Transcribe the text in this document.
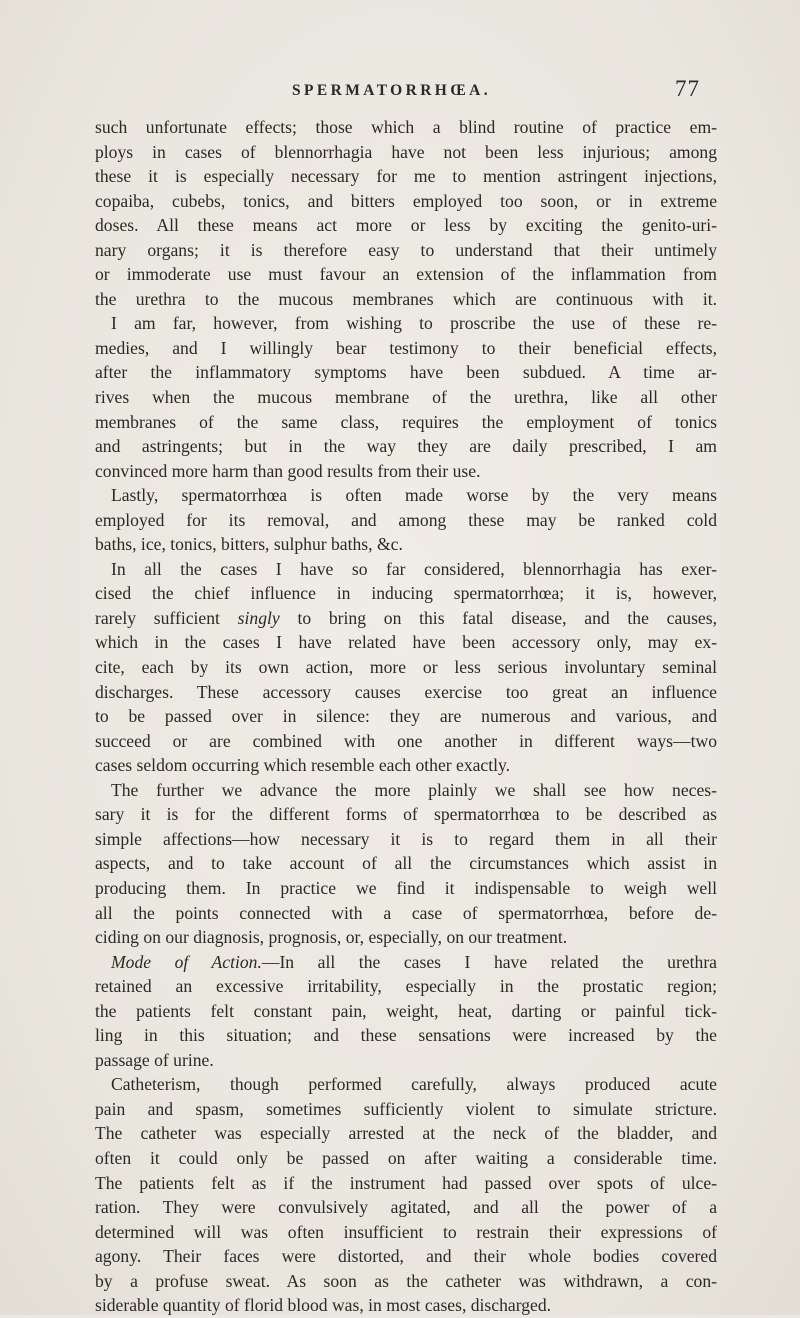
SPERMATORRHŒA.	77
such unfortunate effects; those which a blind routine of practice em-
ploys in cases of blennorrhagia have not been less injurious; among
these it is especially necessary for me to mention astringent injections,
copaiba, cubebs, tonics, and bitters employed too soon, or in extreme
doses. All these means act more or less by exciting the genito-uri-
nary organs; it is therefore easy to understand that their untimely
or immoderate use must favour an extension of the inflammation from
the urethra to the mucous membranes which are continuous with it.
I am far, however, from wishing to proscribe the use of these re-
medies, and I willingly bear testimony to their beneficial effects,
after the inflammatory symptoms have been subdued. A time ar-
rives when the mucous membrane of the urethra, like all other
membranes of the same class, requires the employment of tonics
and astringents; but in the way they are daily prescribed, I am
convinced more harm than good results from their use.
Lastly, spermatorrhœa is often made worse by the very means
employed for its removal, and among these may be ranked cold
baths, ice, tonics, bitters, sulphur baths, &c.
In all the cases I have so far considered, blennorrhagia has exer-
cised the chief influence in inducing spermatorrhœa; it is, however,
rarely sufficient singly to bring on this fatal disease, and the causes,
which in the cases I have related have been accessory only, may ex-
cite, each by its own action, more or less serious involuntary seminal
discharges. These accessory causes exercise too great an influence
to be passed over in silence: they are numerous and various, and
succeed or are combined with one another in different ways—two
cases seldom occurring which resemble each other exactly.
The further we advance the more plainly we shall see how neces-
sary it is for the different forms of spermatorrhœa to be described as
simple affections—how necessary it is to regard them in all their
aspects, and to take account of all the circumstances which assist in
producing them. In practice we find it indispensable to weigh well
all the points connected with a case of spermatorrhœa, before de-
ciding on our diagnosis, prognosis, or, especially, on our treatment.
Mode of Action.—In all the cases I have related the urethra
retained an excessive irritability, especially in the prostatic region;
the patients felt constant pain, weight, heat, darting or painful tick-
ling in this situation; and these sensations were increased by the
passage of urine.
Catheterism, though performed carefully, always produced acute
pain and spasm, sometimes sufficiently violent to simulate stricture.
The catheter was especially arrested at the neck of the bladder, and
often it could only be passed on after waiting a considerable time.
The patients felt as if the instrument had passed over spots of ulce-
ration. They were convulsively agitated, and all the power of a
determined will was often insufficient to restrain their expressions of
agony. Their faces were distorted, and their whole bodies covered
by a profuse sweat. As soon as the catheter was withdrawn, a con-
siderable quantity of florid blood was, in most cases, discharged.
